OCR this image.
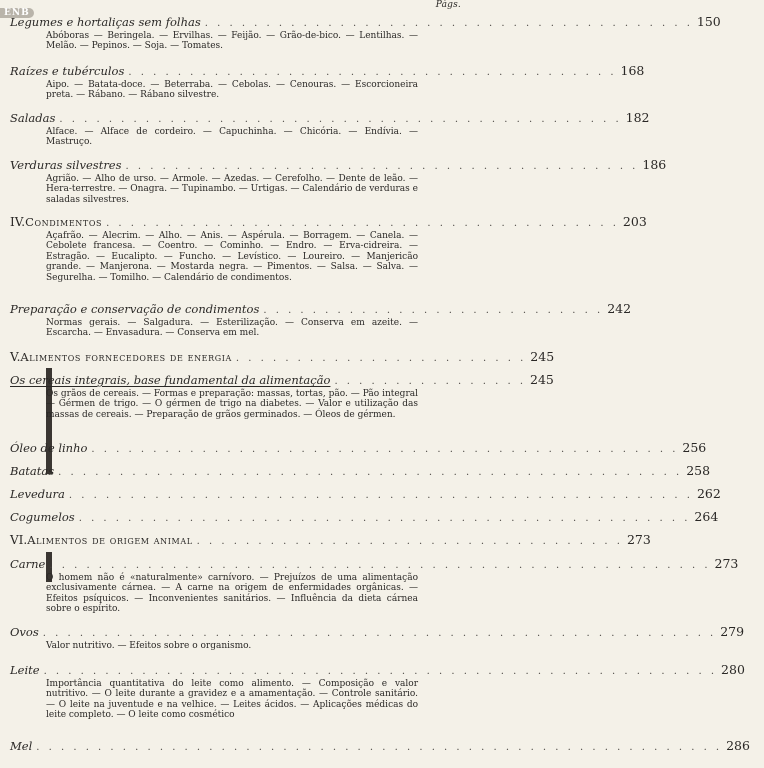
ENB
Págs.
Legumes e hortaliças sem folhas . . . . . . . . . . . . . . . . . . . . . . . . . . . . . . . . . . . . . . . . 150
Abóboras — Beringela. — Ervilhas. — Feijão. — Grão-de-bico. — Lentilhas. — Melão. — Pepinos. — Soja. — Tomates.
Raízes e tubérculos . . . . . . . . . . . . . . . . . . . . . . . . . . . . . . . . . . . . . . . . 168
Aipo. — Batata-doce. — Beterraba. — Cebolas. — Cenouras. — Escorcioneira preta. — Rábano. — Rábano silvestre.
Saladas . . . . . . . . . . . . . . . . . . . . . . . . . . . . . . . . . . . . . . . . . . . . . . 182
Alface. — Alface de cordeiro. — Capuchinha. — Chicória. — Endívia. — Mastruço.
Verduras silvestres . . . . . . . . . . . . . . . . . . . . . . . . . . . . . . . . . . . . . . . . . . 186
Agrião. — Alho de urso. — Armole. — Azedas. — Cerefolho. — Dente de leão. — Hera-terrestre. — Onagra. — Tupinambo. — Urtigas. — Calendário de verduras e saladas silvestres.
IV. Condimentos . . . . . . . . . . . . . . . . . . . . . . . . . . . . . . . . . . . . . . . . . . 203
Açafrão. — Alecrim. — Alho. — Anis. — Aspérula. — Borragem. — Canela. — Cebolete francesa. — Coentro. — Cominho. — Endro. — Erva-cidreira. — Estragão. — Eucalipto. — Funcho. — Levístico. — Loureiro. — Manjericão grande. — Manjerona. — Mostarda negra. — Pimentos. — Salsa. — Salva. — Segurelha. — Tomilho. — Calendário de condimentos.
Preparação e conservação de condimentos . . . . . . . . . . . . . . . . . . . . . . . . . . . . 242
Normas gerais. — Salgadura. — Esterilização. — Conserva em azeite. — Escarcha. — Envasadura. — Conserva em mel.
V. Alimentos fornecedores de energia . . . . . . . . . . . . . . . . . . . . . . . . 245
Os cereais integrais, base fundamental da alimentação . . . . . . . . . . . . . . . . 245
Os grãos de cereais. — Formas e preparação: massas, tortas, pão. — Pão integral — Gérmen de trigo. — O gérmen de trigo na diabetes. — Valor e utilização das massas de cereais. — Preparação de grãos germinados. — Óleos de gérmen.
Óleo de linho . . . . . . . . . . . . . . . . . . . . . . . . . . . . . . . . . . . . . . . . . . . . . . . . 256
Batatas . . . . . . . . . . . . . . . . . . . . . . . . . . . . . . . . . . . . . . . . . . . . . . . . . . . 258
Levedura . . . . . . . . . . . . . . . . . . . . . . . . . . . . . . . . . . . . . . . . . . . . . . . . . . . 262
Cogumelos . . . . . . . . . . . . . . . . . . . . . . . . . . . . . . . . . . . . . . . . . . . . . . . . . . 264
VI. Alimentos de origem animal . . . . . . . . . . . . . . . . . . . . . . . . . . . . . . . . . . . 273
Carne . . . . . . . . . . . . . . . . . . . . . . . . . . . . . . . . . . . . . . . . . . . . . . . . . . . . . . 273
O homem não é «naturalmente» carnívoro. — Prejuízos de uma alimentação exclusivamente cárnea. — A carne na origem de enfermidades orgânicas. — Efeitos psíquicos. — Inconvenientes sanitários. — Influência da dieta cárnea sobre o espírito.
Ovos . . . . . . . . . . . . . . . . . . . . . . . . . . . . . . . . . . . . . . . . . . . . . . . . . . . . . . . 279
Valor nutritivo. — Efeitos sobre o organismo.
Leite . . . . . . . . . . . . . . . . . . . . . . . . . . . . . . . . . . . . . . . . . . . . . . . . . . . . . . . 280
Importância quantitativa do leite como alimento. — Composição e valor nutritivo. — O leite durante a gravidez e a amamentação. — Controle sanitário. — O leite na juventude e na velhice. — Leites ácidos. — Aplicações médicas do leite completo. — O leite como cosmético
Mel . . . . . . . . . . . . . . . . . . . . . . . . . . . . . . . . . . . . . . . . . . . . . . . . . . . . . . . . 286
